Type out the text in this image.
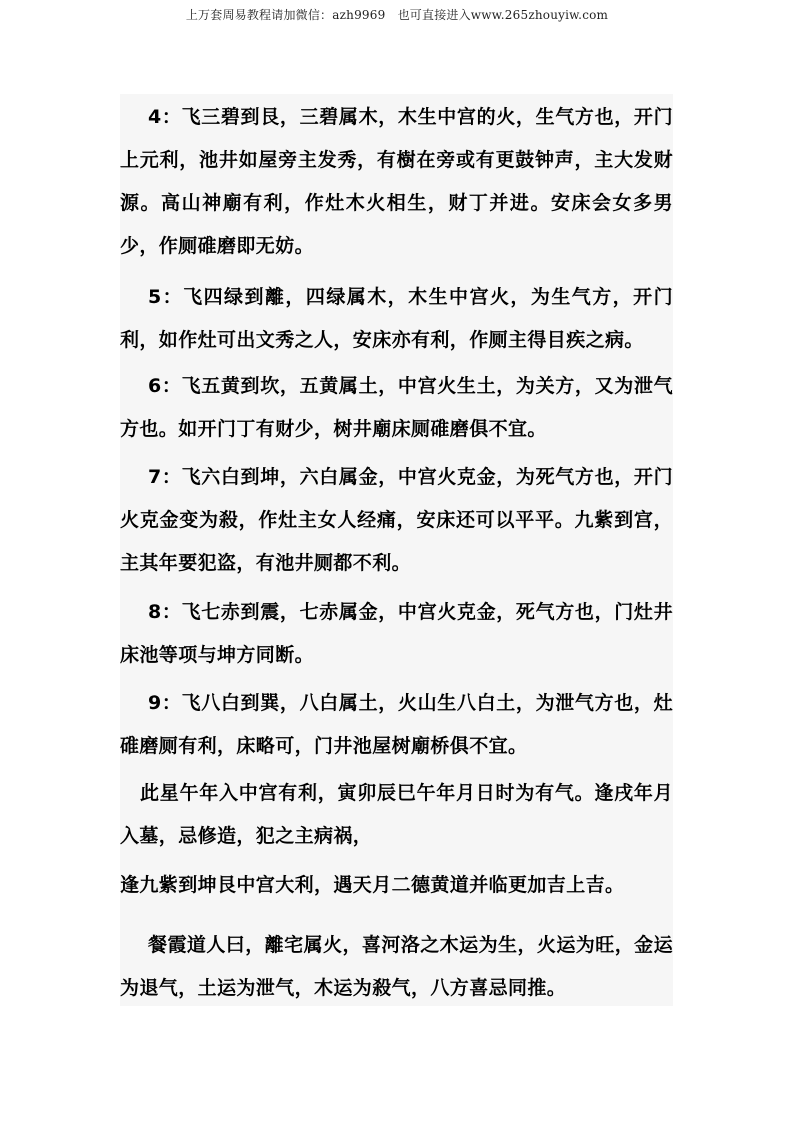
上万套周易教程请加微信：azh9969　也可直接进入www.265zhouyiw.com

4：飞三碧到艮，三碧属木，木生中宫的火，生气方也，开门上元利，池井如屋旁主发秀，有樹在旁或有更鼓钟声，主大发财源。高山神廟有利，作灶木火相生，财丁并进。安床会女多男少，作厕碓磨即无妨。

5：飞四绿到離，四绿属木，木生中宫火，为生气方，开门利，如作灶可出文秀之人，安床亦有利，作厕主得目疾之病。

6：飞五黄到坎，五黄属土，中宫火生土，为关方，又为泄气方也。如开门丁有财少，树井廟床厕碓磨俱不宜。

7：飞六白到坤，六白属金，中宫火克金，为死气方也，开门火克金变为殺，作灶主女人经痛，安床还可以平平。九紫到宫，主其年要犯盗，有池井厕都不利。

8：飞七赤到震，七赤属金，中宫火克金，死气方也，门灶井床池等项与坤方同断。

9：飞八白到巽，八白属土，火山生八白土，为泄气方也，灶碓磨厕有利，床略可，门井池屋树廟桥俱不宜。

此星午年入中宫有利，寅卯辰巳午年月日时为有气。逢戌年月入墓，忌修造，犯之主病祸，

逢九紫到坤艮中宫大利，遇天月二德黄道并临更加吉上吉。

餐霞道人曰，離宅属火，喜河洛之木运为生，火运为旺，金运为退气，土运为泄气，木运为殺气，八方喜忌同推。
